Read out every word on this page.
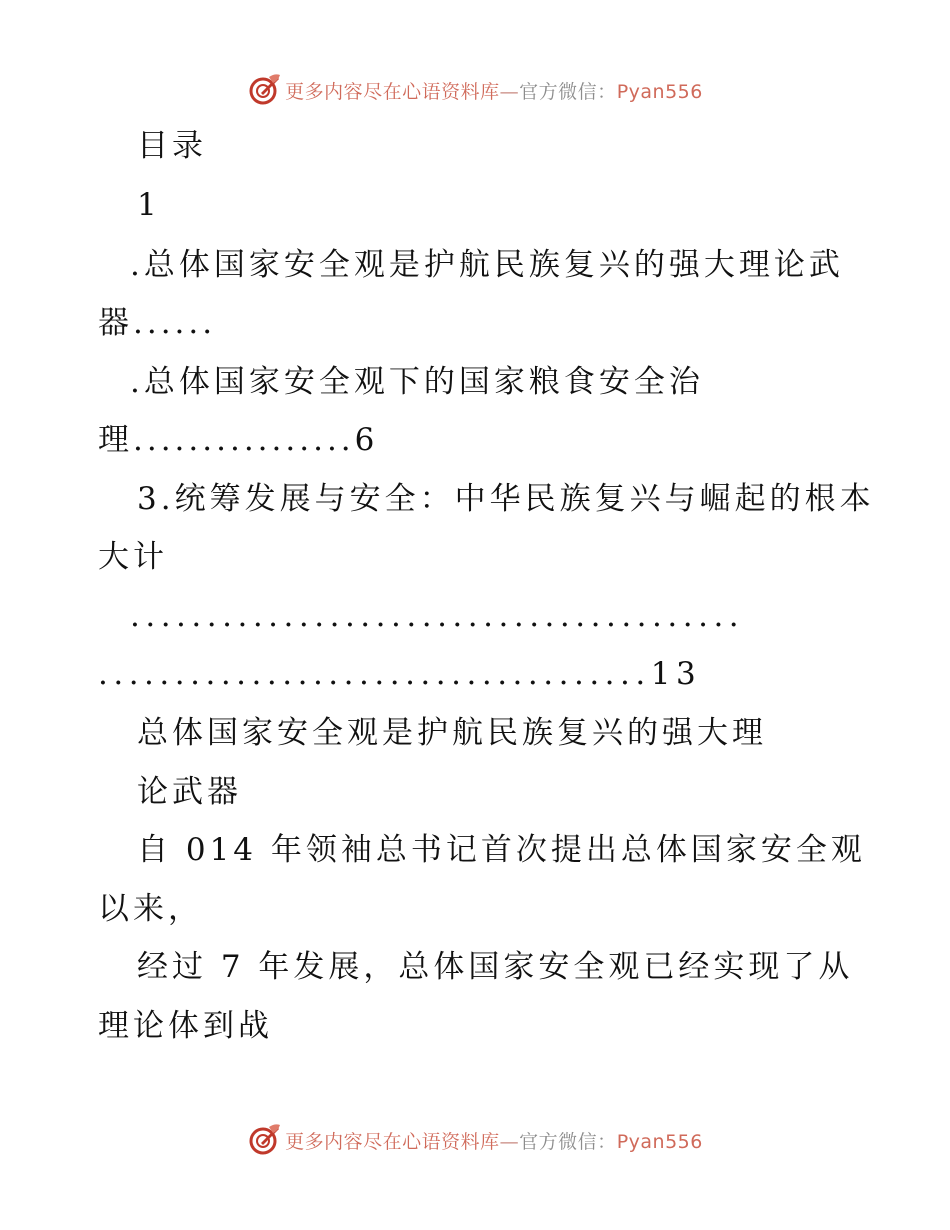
更多内容尽在心语资料库—官方微信：Pyan556
目录
1
.总体国家安全观是护航民族复兴的强大理论武
器......
.总体国家安全观下的国家粮食安全治
理................6
3.统筹发展与安全：中华民族复兴与崛起的根本
大计
........................................
....................................13
总体国家安全观是护航民族复兴的强大理
论武器
自 014 年领袖总书记首次提出总体国家安全观
以来，
经过 7 年发展，总体国家安全观已经实现了从
理论体到战
更多内容尽在心语资料库—官方微信：Pyan556
